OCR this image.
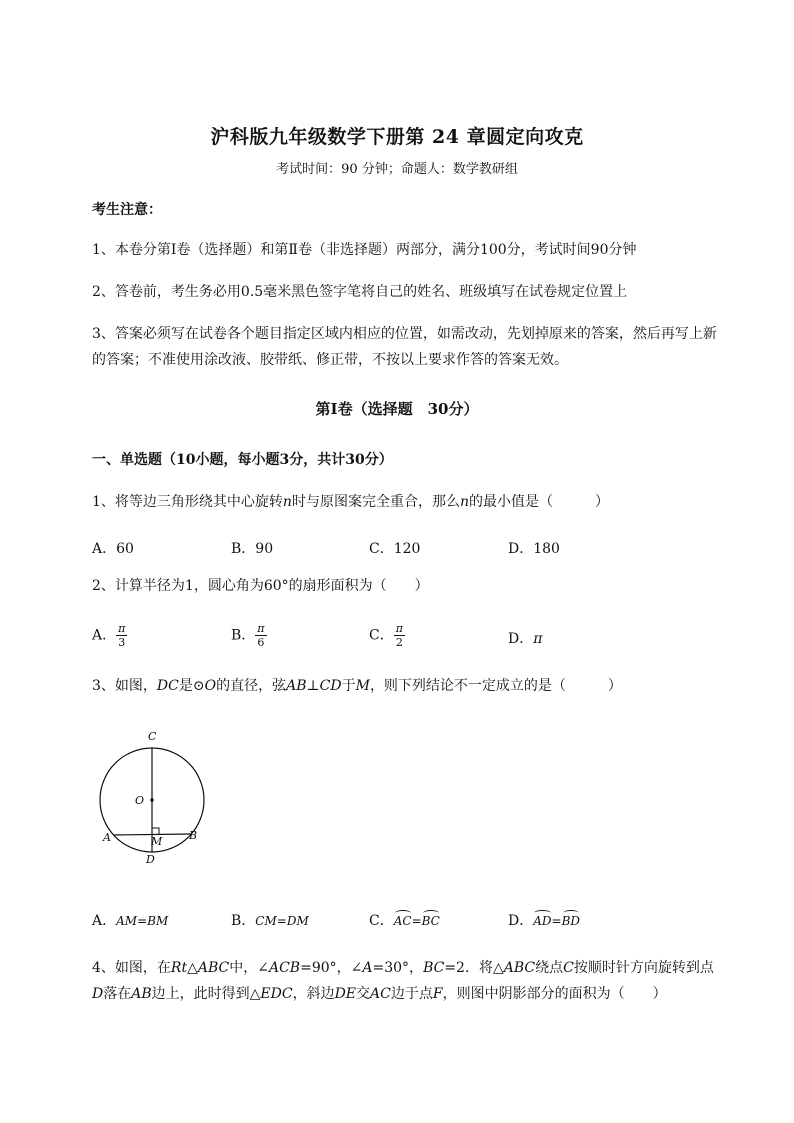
沪科版九年级数学下册第 24 章圆定向攻克
考试时间：90 分钟；命题人：数学教研组
考生注意：
1、本卷分第Ⅰ卷（选择题）和第Ⅱ卷（非选择题）两部分，满分100分，考试时间90分钟
2、答卷前，考生务必用0.5毫米黑色签字笔将自己的姓名、班级填写在试卷规定位置上
3、答案必须写在试卷各个题目指定区域内相应的位置，如需改动，先划掉原来的答案，然后再写上新
的答案；不准使用涂改液、胶带纸、修正带，不按以上要求作答的答案无效。
第Ⅰ卷（选择题　30分）
一、单选题（10小题，每小题3分，共计30分）
1、将等边三角形绕其中心旋转n时与原图案完全重合，那么n的最小值是（　　　）
A．60	B．90	C．120	D．180
2、计算半径为1，圆心角为60°的扇形面积为（　　）
A． $\frac{\pi}{3}$	B． $\frac{\pi}{6}$	C． $\frac{\pi}{2}$	D．π
3、如图，DC是⊙O的直径，弦AB⊥CD于M，则下列结论不一定成立的是（　　　）
C
O
A	M B
D
A．AM=BM	B．CM=DM	C．AC=BC	D．AD=BD
4、如图，在Rt△ABC中，∠ACB=90°，∠A=30°，BC=2．将△ABC绕点C按顺时针方向旋转到点
D落在AB边上，此时得到△EDC，斜边DE交AC边于点F，则图中阴影部分的面积为（　　）
